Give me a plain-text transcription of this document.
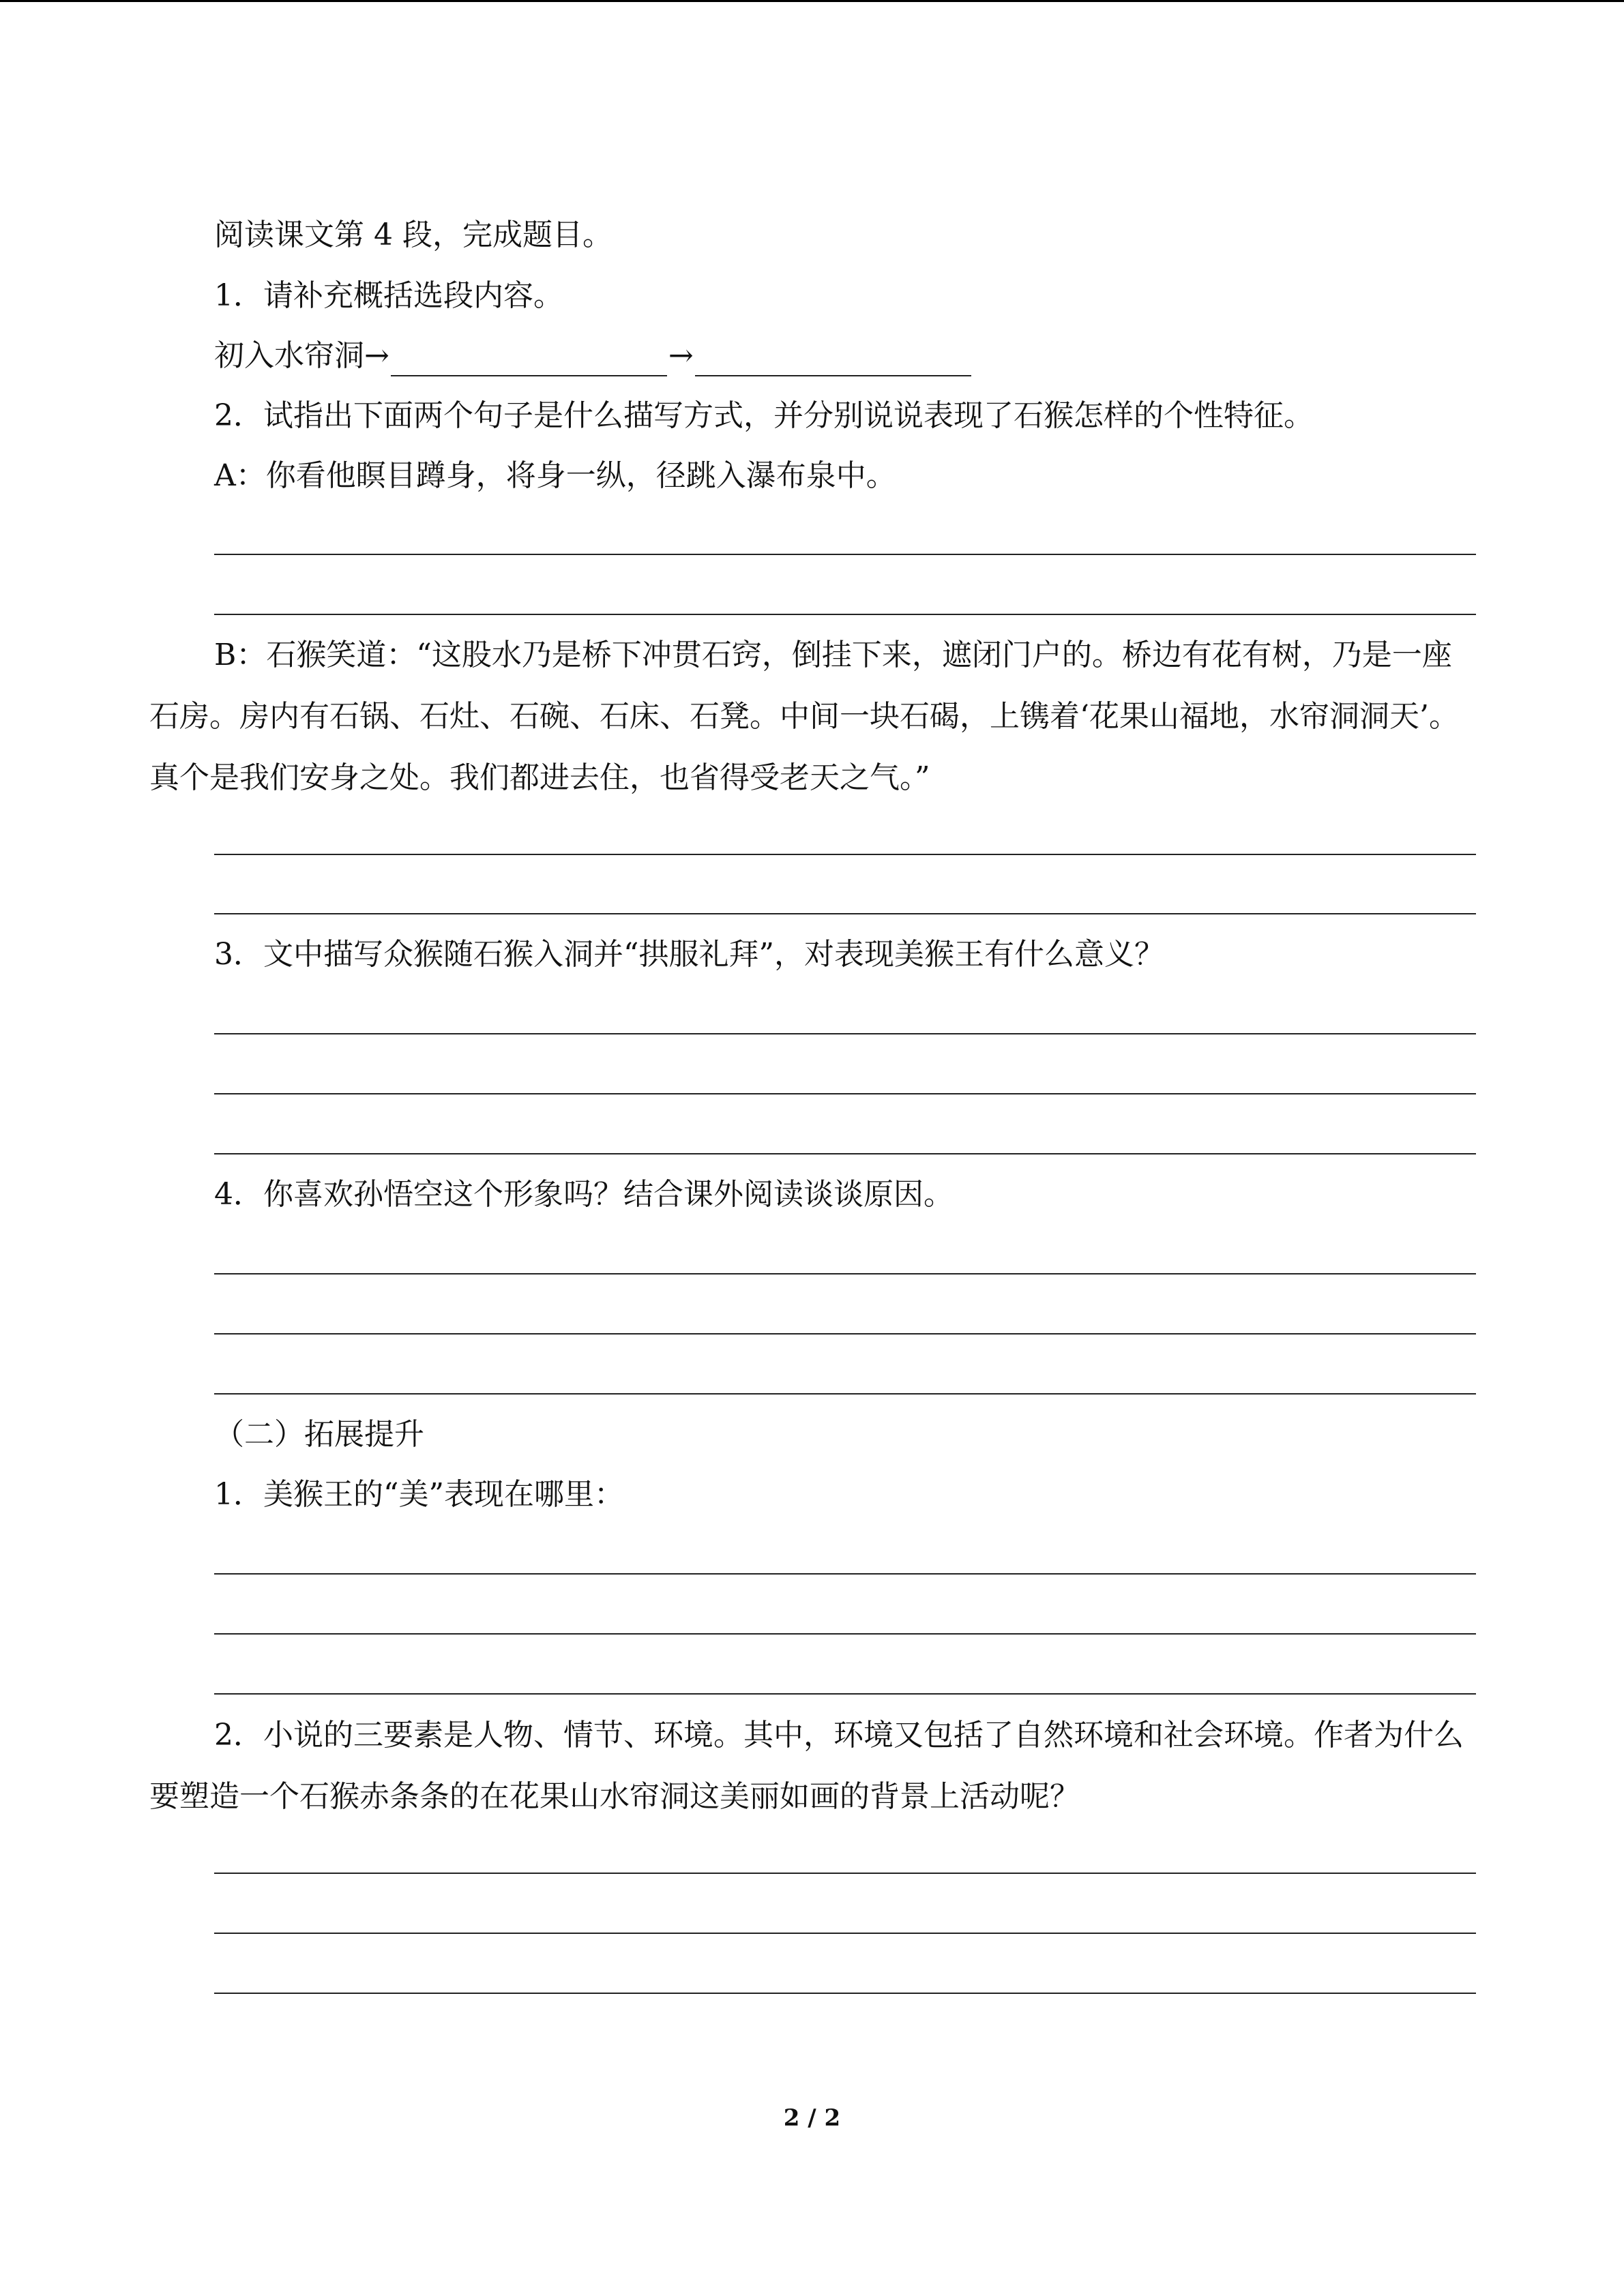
阅读课文第 4 段，完成题目。

1．请补充概括选段内容。

初入水帘洞→	→

2．试指出下面两个句子是什么描写方式，并分别说说表现了石猴怎样的个性特征。

A：你看他瞑目蹲身，将身一纵，径跳入瀑布泉中。

B：石猴笑道：“这股水乃是桥下冲贯石窍，倒挂下来，遮闭门户的。桥边有花有树，乃是一座石房。房内有石锅、石灶、石碗、石床、石凳。中间一块石碣，上镌着‘花果山福地，水帘洞洞天’。真个是我们安身之处。我们都进去住，也省得受老天之气。”

3．文中描写众猴随石猴入洞并“拱服礼拜”，对表现美猴王有什么意义？

4．你喜欢孙悟空这个形象吗？结合课外阅读谈谈原因。

（二）拓展提升

1．美猴王的“美”表现在哪里：

2．小说的三要素是人物、情节、环境。其中，环境又包括了自然环境和社会环境。作者为什么要塑造一个石猴赤条条的在花果山水帘洞这美丽如画的背景上活动呢？

2 / 2
